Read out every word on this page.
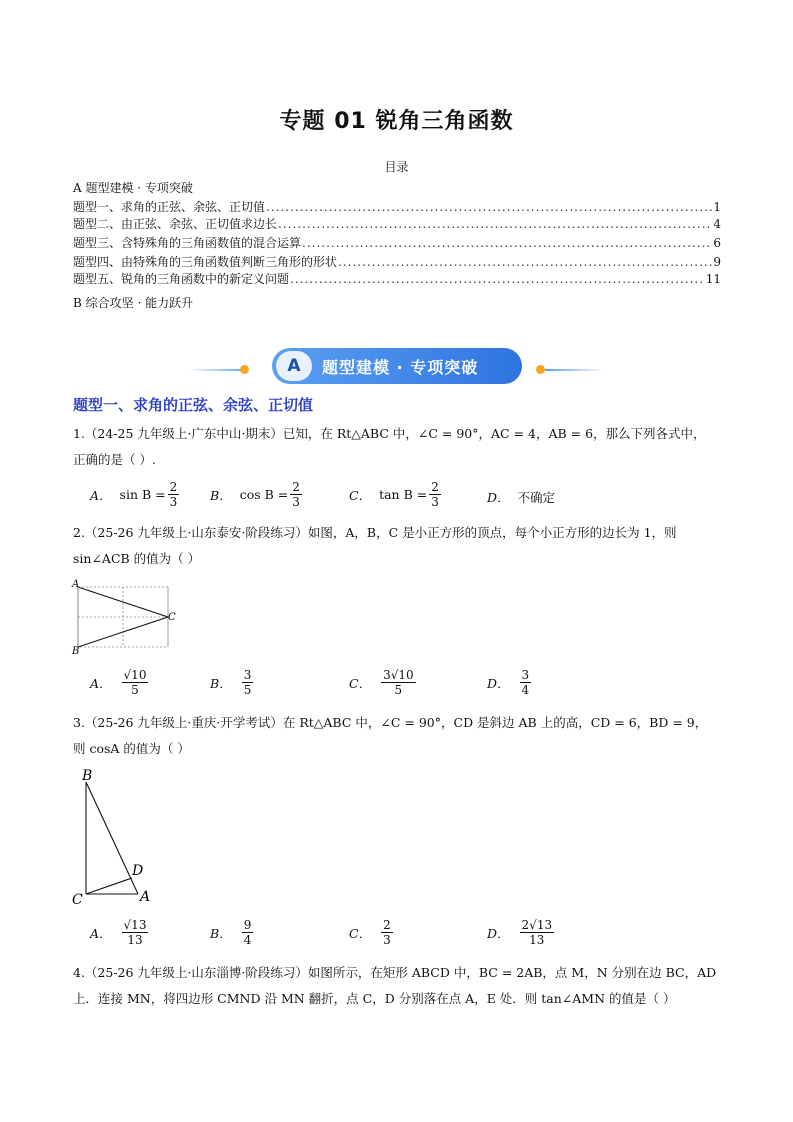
专题 01 锐角三角函数
目录
A 题型建模 · 专项突破
题型一、求角的正弦、余弦、正切值 .....	1
题型二、由正弦、余弦、正切值求边长 .....	4
题型三、含特殊角的三角函数值的混合运算 .....	6
题型四、由特殊角的三角函数值判断三角形的形状 .....	9
题型五、锐角的三角函数中的新定义问题 .....	11
B 综合攻坚 · 能力跃升
A	题型建模 · 专项突破
题型一、求角的正弦、余弦、正切值
1.（24-25 九年级上·广东中山·期末）已知，在 Rt△ABC 中，∠C = 90°，AC = 4，AB = 6，那么下列各式中，
正确的是（ ）.
A． $\sin B = \frac{2}{3}$ B． $\cos B = \frac{2}{3}$	C． $\tan B = \frac{2}{3}$	D． 不确定
2.（25-26 九年级上·山东泰安·阶段练习）如图，A，B，C 是小正方形的顶点，每个小正方形的边长为 1，则
sin∠ACB 的值为（ ）
A
B
C
A． $\frac{√10}{5}$	B． $\frac{3}{5}$	C． $\frac{3√10}{5}$	D． $\frac{3}{4}$
3.（25-26 九年级上·重庆·开学考试）在 Rt△ABC 中，∠C = 90°，CD 是斜边 AB 上的高，CD = 6，BD = 9，
则 cosA 的值为（ ）
B
C	A
D
A． $\frac{√13}{13}$	B． $\frac{9}{4}$	C． $\frac{2}{3}$	D． $\frac{2√13}{13}$
4.（25-26 九年级上·山东淄博·阶段练习）如图所示，在矩形 ABCD 中，BC = 2AB，点 M，N 分别在边 BC，AD
上．连接 MN，将四边形 CMND 沿 MN 翻折，点 C，D 分别落在点 A，E 处．则 tan∠AMN 的值是（ ）
